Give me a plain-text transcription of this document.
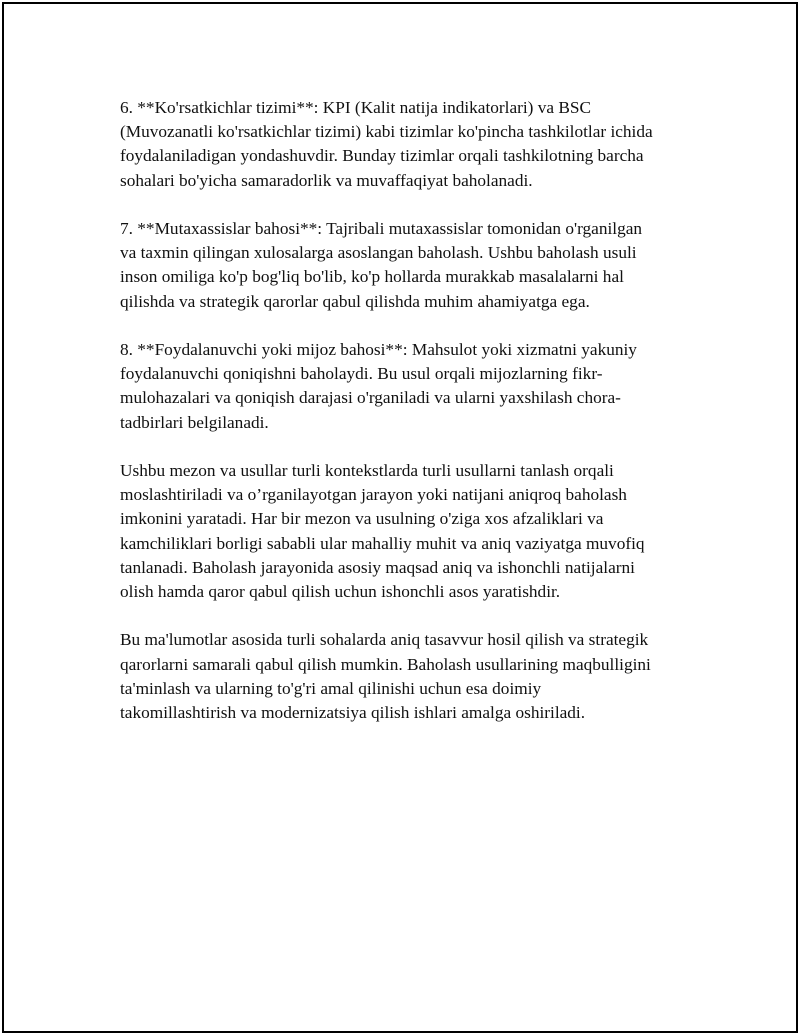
6. **Ko'rsatkichlar tizimi**: KPI (Kalit natija indikatorlari) va BSC
(Muvozanatli ko'rsatkichlar tizimi) kabi tizimlar ko'pincha tashkilotlar ichida
foydalaniladigan yondashuvdir. Bunday tizimlar orqali tashkilotning barcha
sohalari bo'yicha samaradorlik va muvaffaqiyat baholanadi.

7. **Mutaxassislar bahosi**: Tajribali mutaxassislar tomonidan o'rganilgan
va taxmin qilingan xulosalarga asoslangan baholash. Ushbu baholash usuli
inson omiliga ko'p bog'liq bo'lib, ko'p hollarda murakkab masalalarni hal
qilishda va strategik qarorlar qabul qilishda muhim ahamiyatga ega.

8. **Foydalanuvchi yoki mijoz bahosi**: Mahsulot yoki xizmatni yakuniy
foydalanuvchi qoniqishni baholaydi. Bu usul orqali mijozlarning fikr-
mulohazalari va qoniqish darajasi o'rganiladi va ularni yaxshilash chora-
tadbirlari belgilanadi.

Ushbu mezon va usullar turli kontekstlarda turli usullarni tanlash orqali
moslashtiriladi va o’rganilayotgan jarayon yoki natijani aniqroq baholash
imkonini yaratadi. Har bir mezon va usulning o'ziga xos afzaliklari va
kamchiliklari borligi sababli ular mahalliy muhit va aniq vaziyatga muvofiq
tanlanadi. Baholash jarayonida asosiy maqsad aniq va ishonchli natijalarni
olish hamda qaror qabul qilish uchun ishonchli asos yaratishdir.

Bu ma'lumotlar asosida turli sohalarda aniq tasavvur hosil qilish va strategik
qarorlarni samarali qabul qilish mumkin. Baholash usullarining maqbulligini
ta'minlash va ularning to'g'ri amal qilinishi uchun esa doimiy
takomillashtirish va modernizatsiya qilish ishlari amalga oshiriladi.
